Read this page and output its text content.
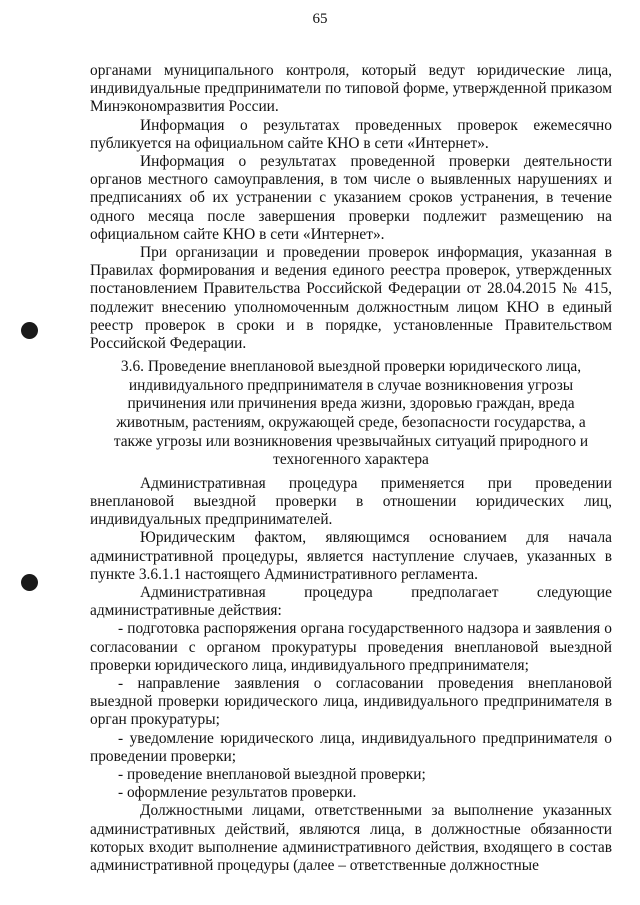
65

органами муниципального контроля, который ведут юридические лица, индивидуальные предприниматели по типовой форме, утвержденной приказом Минэкономразвития России.

Информация о результатах проведенных проверок ежемесячно публикуется на официальном сайте КНО в сети «Интернет».

Информация о результатах проведенной проверки деятельности органов местного самоуправления, в том числе о выявленных нарушениях и предписаниях об их устранении с указанием сроков устранения, в течение одного месяца после завершения проверки подлежит размещению на официальном сайте КНО в сети «Интернет».

При организации и проведении проверок информация, указанная в Правилах формирования и ведения единого реестра проверок, утвержденных постановлением Правительства Российской Федерации от 28.04.2015 № 415, подлежит внесению уполномоченным должностным лицом КНО в единый реестр проверок в сроки и в порядке, установленные Правительством Российской Федерации.

3.6. Проведение внеплановой выездной проверки юридического лица, индивидуального предпринимателя в случае возникновения угрозы причинения или причинения вреда жизни, здоровью граждан, вреда животным, растениям, окружающей среде, безопасности государства, а также угрозы или возникновения чрезвычайных ситуаций природного и техногенного характера

Административная процедура применяется при проведении внеплановой выездной проверки в отношении юридических лиц, индивидуальных предпринимателей.

Юридическим фактом, являющимся основанием для начала административной процедуры, является наступление случаев, указанных в пункте 3.6.1.1 настоящего Административного регламента.

Административная процедура предполагает следующие административные действия:

- подготовка распоряжения органа государственного надзора и заявления о согласовании с органом прокуратуры проведения внеплановой выездной проверки юридического лица, индивидуального предпринимателя;

- направление заявления о согласовании проведения внеплановой выездной проверки юридического лица, индивидуального предпринимателя в орган прокуратуры;

- уведомление юридического лица, индивидуального предпринимателя о проведении проверки;

- проведение внеплановой выездной проверки;

- оформление результатов проверки.

Должностными лицами, ответственными за выполнение указанных административных действий, являются лица, в должностные обязанности которых входит выполнение административного действия, входящего в состав административной процедуры (далее – ответственные должностные
